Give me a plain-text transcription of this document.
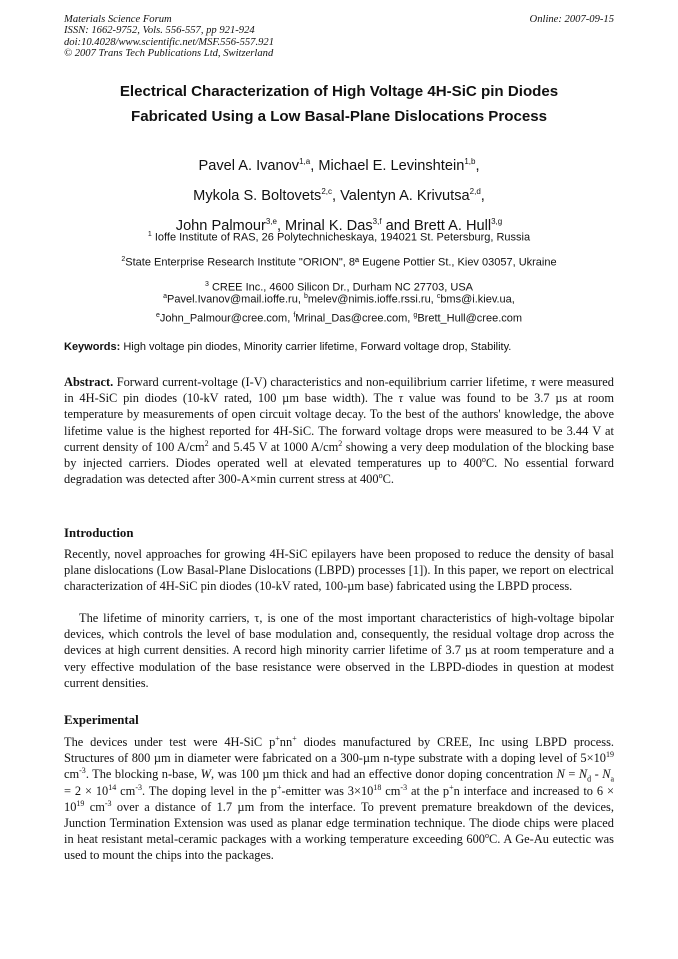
Materials Science Forum
ISSN: 1662-9752, Vols. 556-557, pp 921-924
doi:10.4028/www.scientific.net/MSF.556-557.921
© 2007 Trans Tech Publications Ltd, Switzerland
Online: 2007-09-15
Electrical Characterization of High Voltage 4H-SiC pin Diodes
Fabricated Using a Low Basal-Plane Dislocations Process
Pavel A. Ivanov$^{1,a}$, Michael E. Levinshtein$^{1,b}$,
Mykola S. Boltovets$^{2,c}$, Valentyn A. Krivutsa$^{2,d}$,
John Palmour$^{3,e}$, Mrinal K. Das$^{3,f}$ and Brett A. Hull$^{3,g}$
$^1$ Ioffe Institute of RAS, 26 Polytechnicheskaya, 194021 St. Petersburg, Russia
$^2$State Enterprise Research Institute "ORION", 8ª Eugene Pottier St., Kiev 03057, Ukraine
$^3$ CREE Inc., 4600 Silicon Dr., Durham NC 27703, USA
$^a$Pavel.Ivanov@mail.ioffe.ru, $^b$melev@nimis.ioffe.rssi.ru, $^c$bms@i.kiev.ua,
$^e$John_Palmour@cree.com, $^f$Mrinal_Das@cree.com, $^g$Brett_Hull@cree.com
Keywords: High voltage pin diodes, Minority carrier lifetime, Forward voltage drop, Stability.
Abstract. Forward current-voltage (I-V) characteristics and non-equilibrium carrier lifetime, τ were measured in 4H-SiC pin diodes (10-kV rated, 100 µm base width). The τ value was found to be 3.7 µs at room temperature by measurements of open circuit voltage decay. To the best of the authors' knowledge, the above lifetime value is the highest reported for 4H-SiC. The forward voltage drops were measured to be 3.44 V at current density of 100 $A/cm^2$ and 5.45 V at 1000 $A/cm^2$ showing a very deep modulation of the blocking base by injected carriers. Diodes operated well at elevated temperatures up to 400$^o$C. No essential forward degradation was detected after 300-A×min current stress at 400$^o$C.
Introduction
Recently, novel approaches for growing 4H-SiC epilayers have been proposed to reduce the density of basal plane dislocations (Low Basal-Plane Dislocations (LBPD) processes [1]). In this paper, we report on electrical characterization of 4H-SiC pin diodes (10-kV rated, 100-µm base) fabricated using the LBPD process.
The lifetime of minority carriers, τ, is one of the most important characteristics of high-voltage bipolar devices, which controls the level of base modulation and, consequently, the residual voltage drop across the devices at high current densities. A record high minority carrier lifetime of 3.7 µs at room temperature and a very effective modulation of the base resistance were observed in the LBPD-diodes in question at modest current densities.
Experimental
The devices under test were 4H-SiC p+nn+ diodes manufactured by CREE, Inc using LBPD process. Structures of 800 µm in diameter were fabricated on a 300-µm n-type substrate with a doping level of $5\times 10^{19}$ $cm^{-3}$. The blocking n-base, W, was 100 µm thick and had an effective donor doping concentration $N = N_d - N_a = 2 \times 10^{14}$ $cm^{-3}$. The doping level in the p+-emitter was $3\times 10^{18}$ $cm^{-3}$ at the p+n interface and increased to $6 \times 10^{19}$ $cm^{-3}$ over a distance of 1.7 µm from the interface. To prevent premature breakdown of the devices, Junction Termination Extension was used as planar edge termination technique. The diode chips were placed in heat resistant metal-ceramic packages with a working temperature exceeding 600$^o$C. A Ge-Au eutectic was used to mount the chips into the packages.
